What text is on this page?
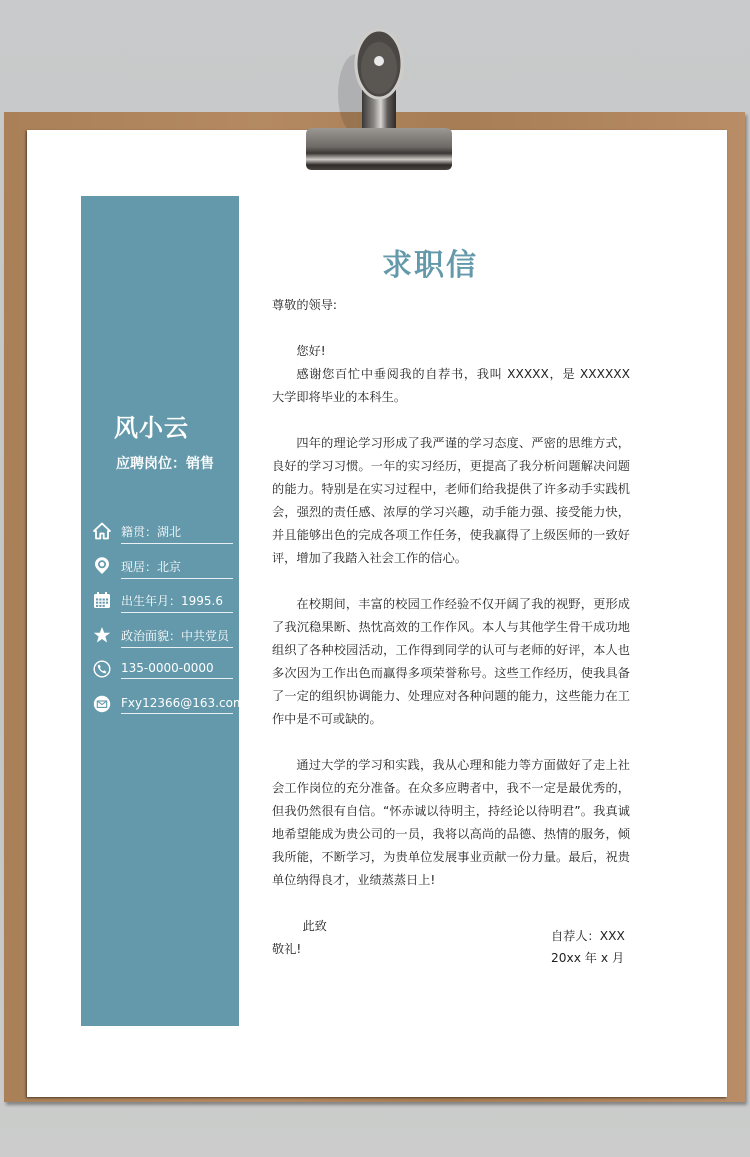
风小云
应聘岗位：销售
籍贯：湖北
现居：北京
出生年月：1995.6
政治面貌：中共党员
135-0000-0000
Fxy12366@163.com
求职信

尊敬的领导:

您好!

感谢您百忙中垂阅我的自荐书，我叫 XXXXX，是 XXXXXX 大学即将毕业的本科生。

四年的理论学习形成了我严谨的学习态度、严密的思维方式，良好的学习习惯。一年的实习经历，更提高了我分析问题解决问题的能力。特别是在实习过程中，老师们给我提供了许多动手实践机会，强烈的责任感、浓厚的学习兴趣，动手能力强、接受能力快，并且能够出色的完成各项工作任务，使我赢得了上级医师的一致好评，增加了我踏入社会工作的信心。

在校期间，丰富的校园工作经验不仅开阔了我的视野，更形成了我沉稳果断、热忱高效的工作作风。本人与其他学生骨干成功地组织了各种校园活动，工作得到同学的认可与老师的好评，本人也多次因为工作出色而赢得多项荣誉称号。这些工作经历，使我具备了一定的组织协调能力、处理应对各种问题的能力，这些能力在工作中是不可或缺的。

通过大学的学习和实践，我从心理和能力等方面做好了走上社会工作岗位的充分准备。在众多应聘者中，我不一定是最优秀的，但我仍然很有自信。“怀赤诚以待明主，持经论以待明君”。我真诚地希望能成为贵公司的一员，我将以高尚的品德、热情的服务，倾我所能，不断学习，为贵单位发展事业贡献一份力量。最后，祝贵单位纳得良才，业绩蒸蒸日上!

此致

敬礼!

自荐人：XXX
20xx 年 x 月
